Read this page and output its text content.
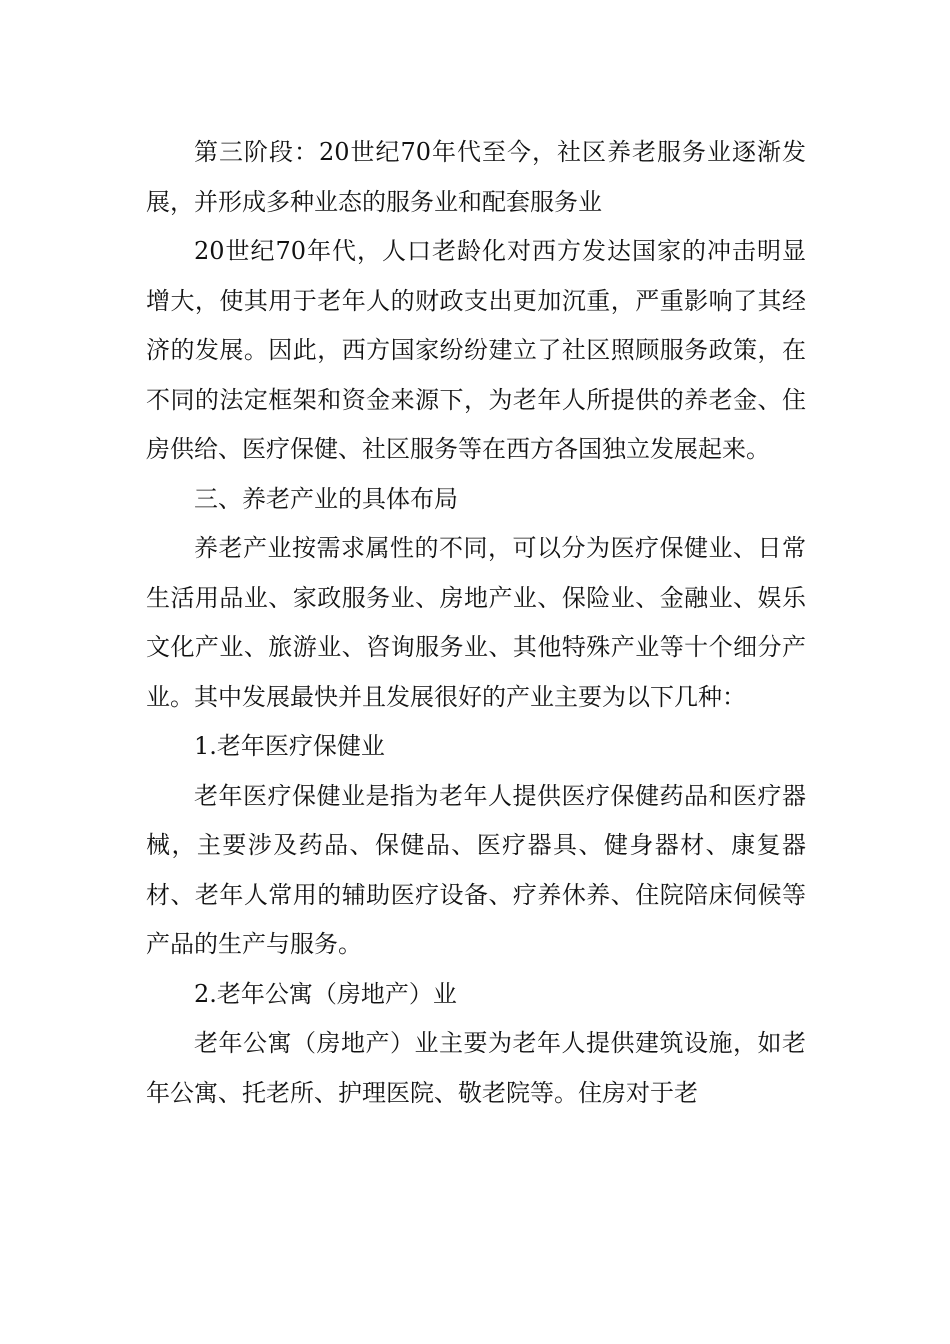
第三阶段：20世纪70年代至今，社区养老服务业逐渐发展，并形成多种业态的服务业和配套服务业

20世纪70年代，人口老龄化对西方发达国家的冲击明显增大，使其用于老年人的财政支出更加沉重，严重影响了其经济的发展。因此，西方国家纷纷建立了社区照顾服务政策，在不同的法定框架和资金来源下，为老年人所提供的养老金、住房供给、医疗保健、社区服务等在西方各国独立发展起来。

三、养老产业的具体布局

养老产业按需求属性的不同，可以分为医疗保健业、日常生活用品业、家政服务业、房地产业、保险业、金融业、娱乐文化产业、旅游业、咨询服务业、其他特殊产业等十个细分产业。其中发展最快并且发展很好的产业主要为以下几种：

1.老年医疗保健业

老年医疗保健业是指为老年人提供医疗保健药品和医疗器械，主要涉及药品、保健品、医疗器具、健身器材、康复器材、老年人常用的辅助医疗设备、疗养休养、住院陪床伺候等产品的生产与服务。

2.老年公寓（房地产）业

老年公寓（房地产）业主要为老年人提供建筑设施，如老年公寓、托老所、护理医院、敬老院等。住房对于老
